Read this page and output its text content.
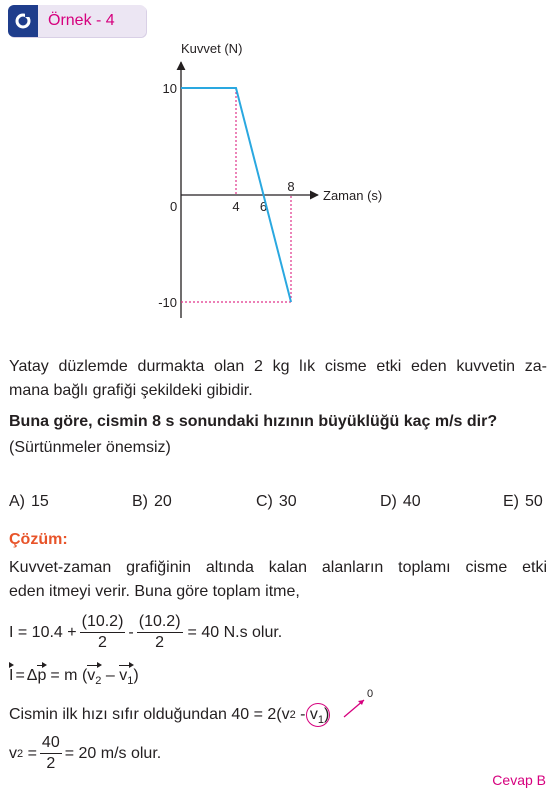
Örnek - 4
Kuvvet (N)
Zaman (s)
0	4 6
8
10
-10

Yatay düzlemde durmakta olan 2 kg lık cisme etki eden kuvvetin za-

mana bağlı grafiği şekildeki gibidir.

Buna göre, cismin 8 s sonundaki hızının büyüklüğü kaç m/s dir?

(Sürtünmeler önemsiz)

A) 15	B) 20	C) 30	D) 40	E) 50
Çözüm:

Kuvvet-zaman grafiğinin altında kalan alanların toplamı cisme etki

eden itmeyi verir. Buna göre toplam itme,

$I = 10.4 + \frac{(10.2)}{2} - \frac{(10.2)}{2} = 40$ N.s olur.
I = Δ p = m ( $v_2 - v_1$ )
Cismin ilk hızı sıfır olduğundan 40 = 2(v $2 - v_1$ )
0
v $2 = \frac{40}{2} = 20$ m/s olur.
Cevap B
